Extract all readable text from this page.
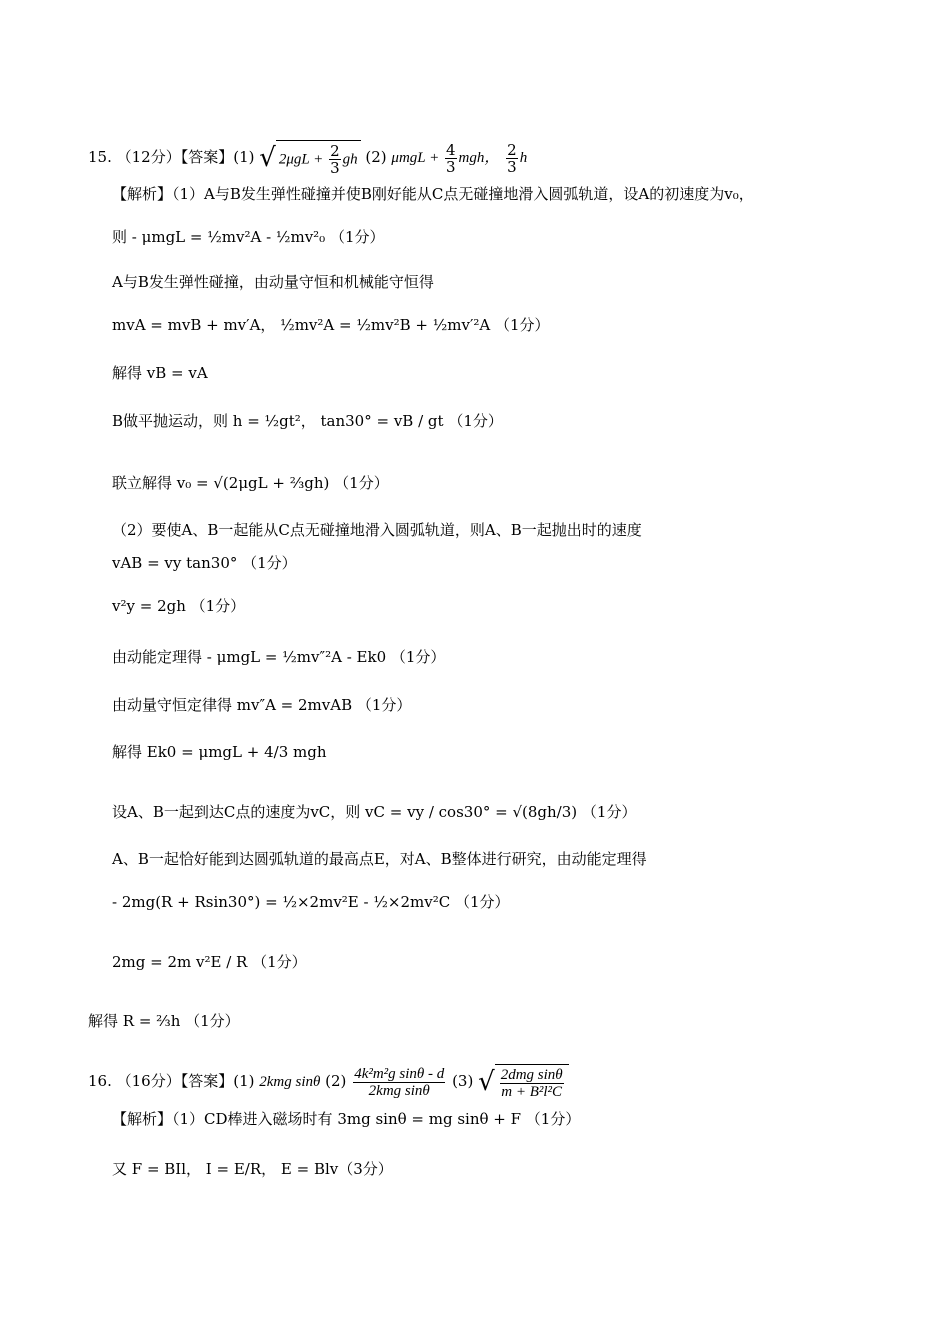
15. （12分）【答案】(1) √ $2\mu gL + \frac{2}{3}$ gh (2) $\mu mgL + \frac{4}{3}$ mgh， $\frac{2}{3}$ h
【解析】（1）A与B发生弹性碰撞并使B刚好能从C点无碰撞地滑入圆弧轨道，设A的初速度为v₀，
则 - μmgL = ½mv²A - ½mv²₀ （1分）
A与B发生弹性碰撞，由动量守恒和机械能守恒得
mvA = mvB + mv′A， ½mv²A = ½mv²B + ½mv′²A （1分）
解得 vB = vA
B做平抛运动，则 h = ½gt²， tan30° = vB / gt （1分）
联立解得 v₀ = √(2μgL + ⅔gh) （1分）
（2）要使A、B一起能从C点无碰撞地滑入圆弧轨道，则A、B一起抛出时的速度
vAB = vy tan30° （1分）
v²y = 2gh （1分）
由动能定理得 - μmgL = ½mv″²A - Ek0 （1分）
由动量守恒定律得 mv″A = 2mvAB （1分）
解得 Ek0 = μmgL + 4/3 mgh
设A、B一起到达C点的速度为vC，则 vC = vy / cos30° = √(8gh/3) （1分）
A、B一起恰好能到达圆弧轨道的最高点E，对A、B整体进行研究，由动能定理得
- 2mg(R + Rsin30°) = ½×2mv²E - ½×2mv²C （1分）
2mg = 2m v²E / R （1分）
解得 R = ⅔h （1分）
16. （16分）【答案】(1) 2kmg sinθ $(2) \frac{\text{4k²m²g sinθ - d}}{\text{2kmg sinθ}} (3)$ √ $\frac{\text{2dmg sinθ}}{\text{m + B²l²C}}$
【解析】（1）CD棒进入磁场时有 3mg sinθ = mg sinθ + F （1分）
又 F = BIl， I = E/R， E = Blv（3分）
